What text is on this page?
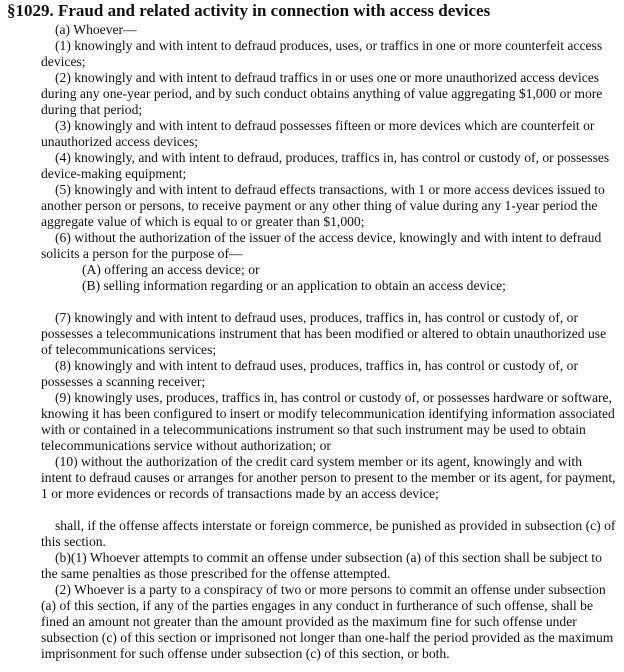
§1029. Fraud and related activity in connection with access devices

(a) Whoever—

(1) knowingly and with intent to defraud produces, uses, or traffics in one or more counterfeit access devices;

(2) knowingly and with intent to defraud traffics in or uses one or more unauthorized access devices during any one-year period, and by such conduct obtains anything of value aggregating $1,000 or more during that period;

(3) knowingly and with intent to defraud possesses fifteen or more devices which are counterfeit or unauthorized access devices;

(4) knowingly, and with intent to defraud, produces, traffics in, has control or custody of, or possesses device-making equipment;

(5) knowingly and with intent to defraud effects transactions, with 1 or more access devices issued to another person or persons, to receive payment or any other thing of value during any 1-year period the aggregate value of which is equal to or greater than $1,000;

(6) without the authorization of the issuer of the access device, knowingly and with intent to defraud solicits a person for the purpose of—

(A) offering an access device; or

(B) selling information regarding or an application to obtain an access device;

(7) knowingly and with intent to defraud uses, produces, traffics in, has control or custody of, or possesses a telecommunications instrument that has been modified or altered to obtain unauthorized use of telecommunications services;

(8) knowingly and with intent to defraud uses, produces, traffics in, has control or custody of, or possesses a scanning receiver;

(9) knowingly uses, produces, traffics in, has control or custody of, or possesses hardware or software, knowing it has been configured to insert or modify telecommunication identifying information associated with or contained in a telecommunications instrument so that such instrument may be used to obtain telecommunications service without authorization; or

(10) without the authorization of the credit card system member or its agent, knowingly and with intent to defraud causes or arranges for another person to present to the member or its agent, for payment, 1 or more evidences or records of transactions made by an access device;

shall, if the offense affects interstate or foreign commerce, be punished as provided in subsection (c) of this section.

(b)(1) Whoever attempts to commit an offense under subsection (a) of this section shall be subject to the same penalties as those prescribed for the offense attempted.

(2) Whoever is a party to a conspiracy of two or more persons to commit an offense under subsection (a) of this section, if any of the parties engages in any conduct in furtherance of such offense, shall be fined an amount not greater than the amount provided as the maximum fine for such offense under subsection (c) of this section or imprisoned not longer than one-half the period provided as the maximum imprisonment for such offense under subsection (c) of this section, or both.
